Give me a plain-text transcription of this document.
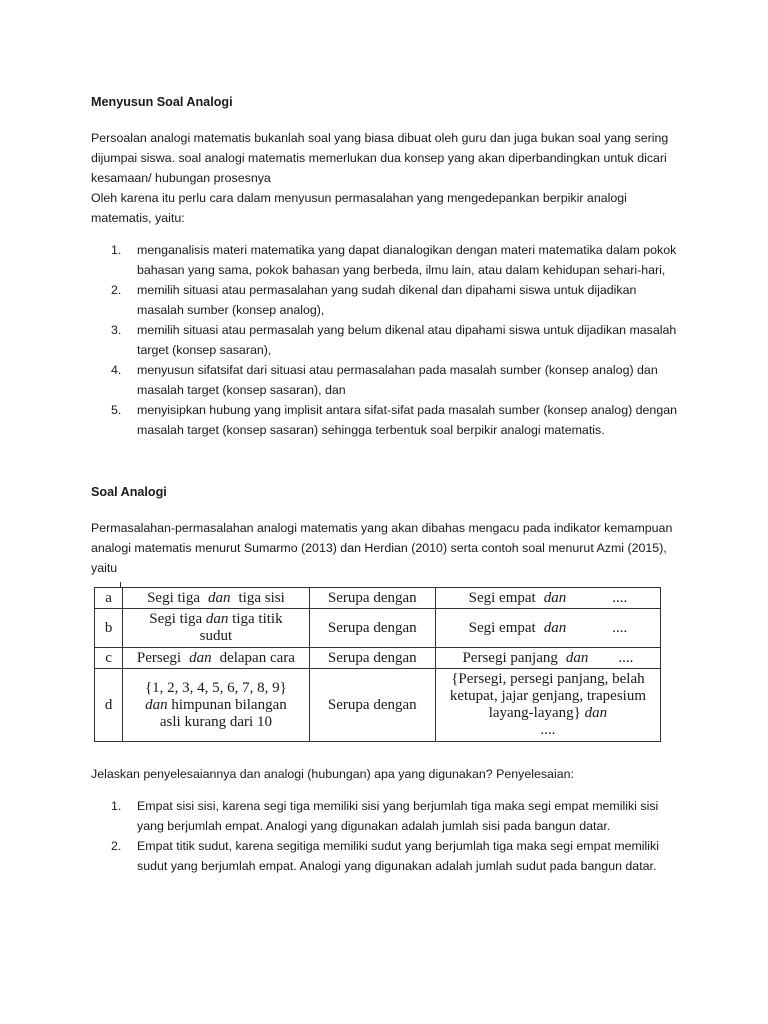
Menyusun Soal Analogi

Persoalan analogi matematis bukanlah soal yang biasa dibuat oleh guru dan juga bukan soal yang sering dijumpai siswa. soal analogi matematis memerlukan dua konsep yang akan diperbandingkan untuk dicari kesamaan/ hubungan prosesnya

Oleh karena itu perlu cara dalam menyusun permasalahan yang mengedepankan berpikir analogi matematis, yaitu:

1. menganalisis materi matematika yang dapat dianalogikan dengan materi matematika dalam pokok bahasan yang sama, pokok bahasan yang berbeda, ilmu lain, atau dalam kehidupan sehari-hari,
2. memilih situasi atau permasalahan yang sudah dikenal dan dipahami siswa untuk dijadikan masalah sumber (konsep analog),
3. memilih situasi atau permasalah yang belum dikenal atau dipahami siswa untuk dijadikan masalah target (konsep sasaran),
4. menyusun sifatsifat dari situasi atau permasalahan pada masalah sumber (konsep analog) dan masalah target (konsep sasaran), dan
5. menyisipkan hubung yang implisit antara sifat-sifat pada masalah sumber (konsep analog) dengan masalah target (konsep sasaran) sehingga terbentuk soal berpikir analogi matematis.
Soal Analogi

Permasalahan-permasalahan analogi matematis yang akan dibahas mengacu pada indikator kemampuan analogi matematis menurut Sumarmo (2013) dan Herdian (2010) serta contoh soal menurut Azmi (2015), yaitu

a	Segi tiga dan tiga sisi	Serupa dengan	Segi empat dan ....
b	Segi tiga dan tiga titik
sudut	Serupa dengan	Segi empat dan ....
c	Persegi dan delapan cara	Serupa dengan	Persegi panjang dan ....
d	{1, 2, 3, 4, 5, 6, 7, 8, 9}
dan himpunan bilangan
asli kurang dari 10	Serupa dengan	{Persegi, persegi panjang, belah
ketupat, jajar genjang, trapesium
layang-layang} dan
....

Jelaskan penyelesaiannya dan analogi (hubungan) apa yang digunakan? Penyelesaian:

1. Empat sisi sisi, karena segi tiga memiliki sisi yang berjumlah tiga maka segi empat memiliki sisi yang berjumlah empat. Analogi yang digunakan adalah jumlah sisi pada bangun datar.
2. Empat titik sudut, karena segitiga memiliki sudut yang berjumlah tiga maka segi empat memiliki sudut yang berjumlah empat. Analogi yang digunakan adalah jumlah sudut pada bangun datar.
